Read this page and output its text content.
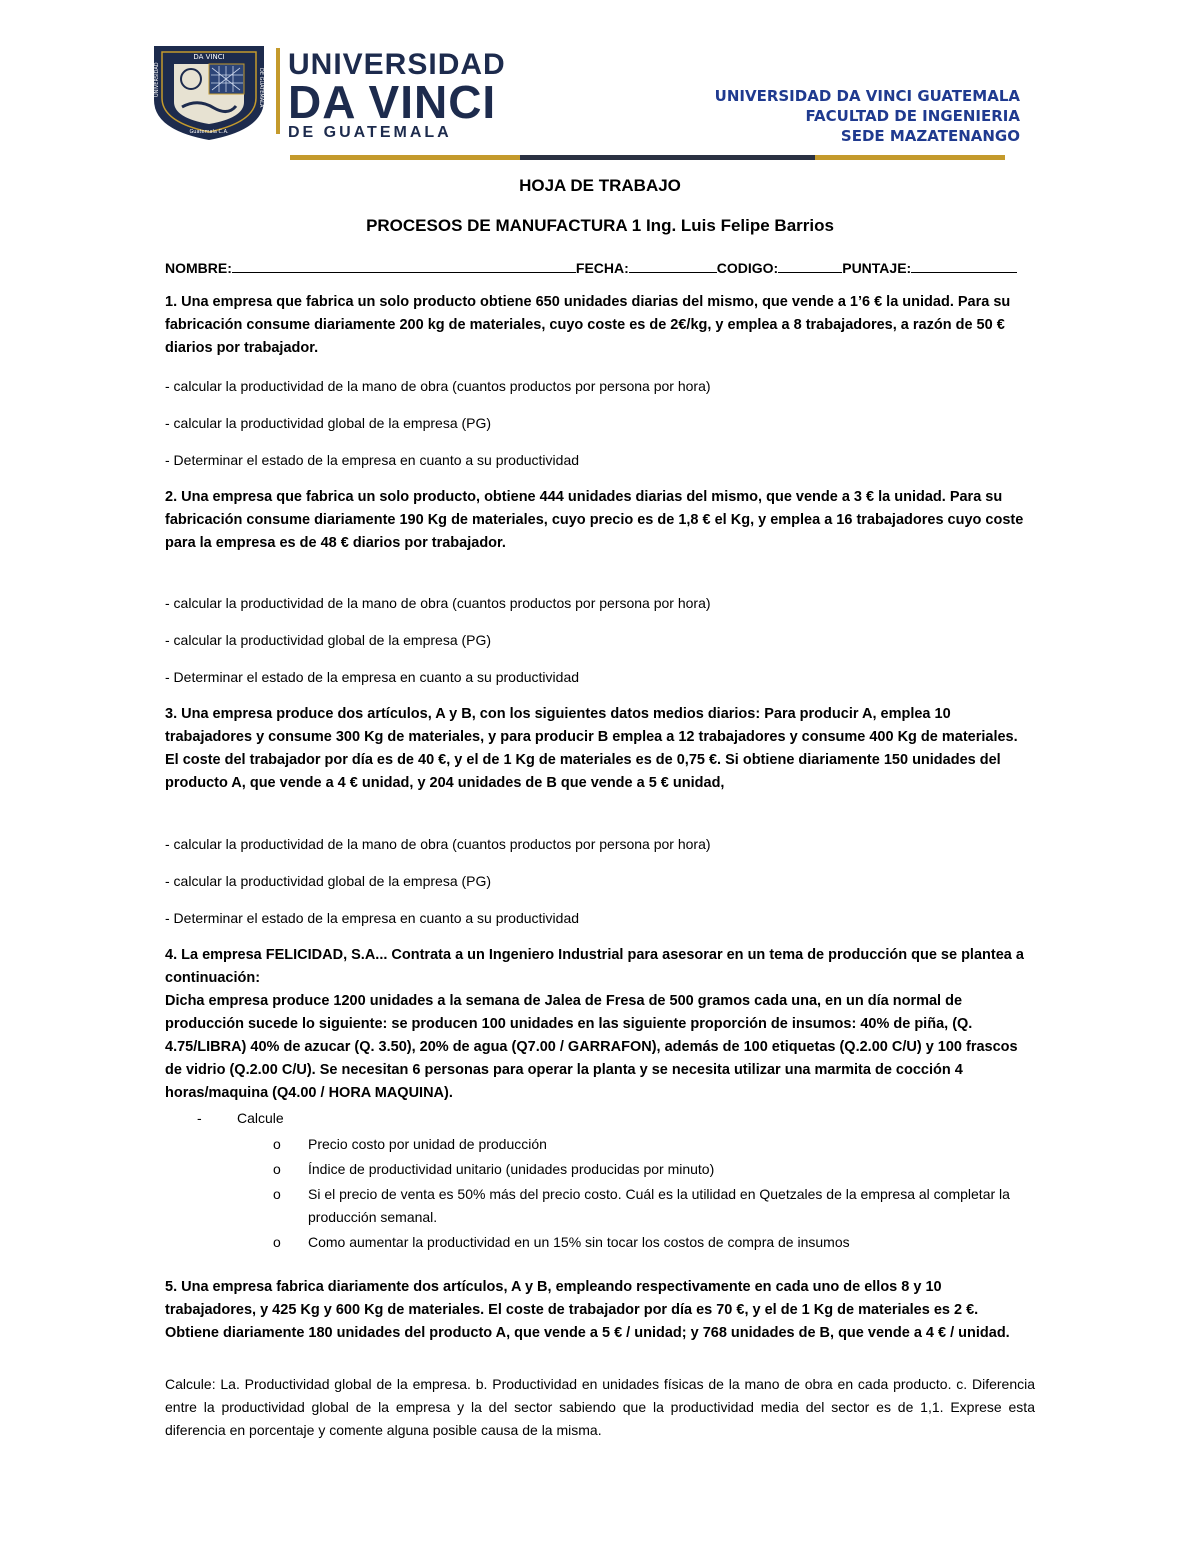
DA VINCI
UNIVERSIDAD	DE GUATEMALA
Guatemala C.A.
UNIVERSIDAD
DA VINCI
DE GUATEMALA
UNIVERSIDAD DA VINCI GUATEMALA
FACULTAD DE INGENIERIA
SEDE MAZATENANGO
HOJA DE TRABAJO
PROCESOS DE MANUFACTURA 1 Ing. Luis Felipe Barrios
NOMBRE:	FECHA:	CODIGO:	PUNTAJE:

1. Una empresa que fabrica un solo producto obtiene 650 unidades diarias del mismo, que vende a 1’6 € la unidad. Para su fabricación consume diariamente 200 kg de materiales, cuyo coste es de 2€/kg, y emplea a 8 trabajadores, a razón de 50 € diarios por trabajador.

- calcular la productividad de la mano de obra (cuantos productos por persona por hora)

- calcular la productividad global de la empresa (PG)

- Determinar el estado de la empresa en cuanto a su productividad

2. Una empresa que fabrica un solo producto, obtiene 444 unidades diarias del mismo, que vende a 3 € la unidad. Para su fabricación consume diariamente 190 Kg de materiales, cuyo precio es de 1,8 € el Kg, y emplea a 16 trabajadores cuyo coste para la empresa es de 48 € diarios por trabajador.

- calcular la productividad de la mano de obra (cuantos productos por persona por hora)

- calcular la productividad global de la empresa (PG)

- Determinar el estado de la empresa en cuanto a su productividad

3. Una empresa produce dos artículos, A y B, con los siguientes datos medios diarios: Para producir A, emplea 10 trabajadores y consume 300 Kg de materiales, y para producir B emplea a 12 trabajadores y consume 400 Kg de materiales. El coste del trabajador por día es de 40 €, y el de 1 Kg de materiales es de 0,75 €. Si obtiene diariamente 150 unidades del producto A, que vende a 4 € unidad, y 204 unidades de B que vende a 5 € unidad,

- calcular la productividad de la mano de obra (cuantos productos por persona por hora)

- calcular la productividad global de la empresa (PG)

- Determinar el estado de la empresa en cuanto a su productividad

4. La empresa FELICIDAD, S.A... Contrata a un Ingeniero Industrial para asesorar en un tema de producción que se plantea a continuación:

Dicha empresa produce 1200 unidades a la semana de Jalea de Fresa de 500 gramos cada una, en un día normal de producción sucede lo siguiente: se producen 100 unidades en las siguiente proporción de insumos: 40% de piña, (Q. 4.75/LIBRA) 40% de azucar (Q. 3.50), 20% de agua (Q7.00 / GARRAFON), además de 100 etiquetas (Q.2.00 C/U) y 100 frascos de vidrio (Q.2.00 C/U). Se necesitan 6 personas para operar la planta y se necesita utilizar una marmita de cocción 4 horas/maquina (Q4.00 / HORA MAQUINA).

-	Calcule
o Precio costo por unidad de producción
o Índice de productividad unitario (unidades producidas por minuto)
o Si el precio de venta es 50% más del precio costo. Cuál es la utilidad en Quetzales de la empresa al completar la producción semanal.
o Como aumentar la productividad en un 15% sin tocar los costos de compra de insumos

5. Una empresa fabrica diariamente dos artículos, A y B, empleando respectivamente en cada uno de ellos 8 y 10 trabajadores, y 425 Kg y 600 Kg de materiales. El coste de trabajador por día es 70 €, y el de 1 Kg de materiales es 2 €. Obtiene diariamente 180 unidades del producto A, que vende a 5 € / unidad; y 768 unidades de B, que vende a 4 € / unidad.

Calcule: La. Productividad global de la empresa. b. Productividad en unidades físicas de la mano de obra en cada producto. c. Diferencia entre la productividad global de la empresa y la del sector sabiendo que la productividad media del sector es de 1,1. Exprese esta diferencia en porcentaje y comente alguna posible causa de la misma.
